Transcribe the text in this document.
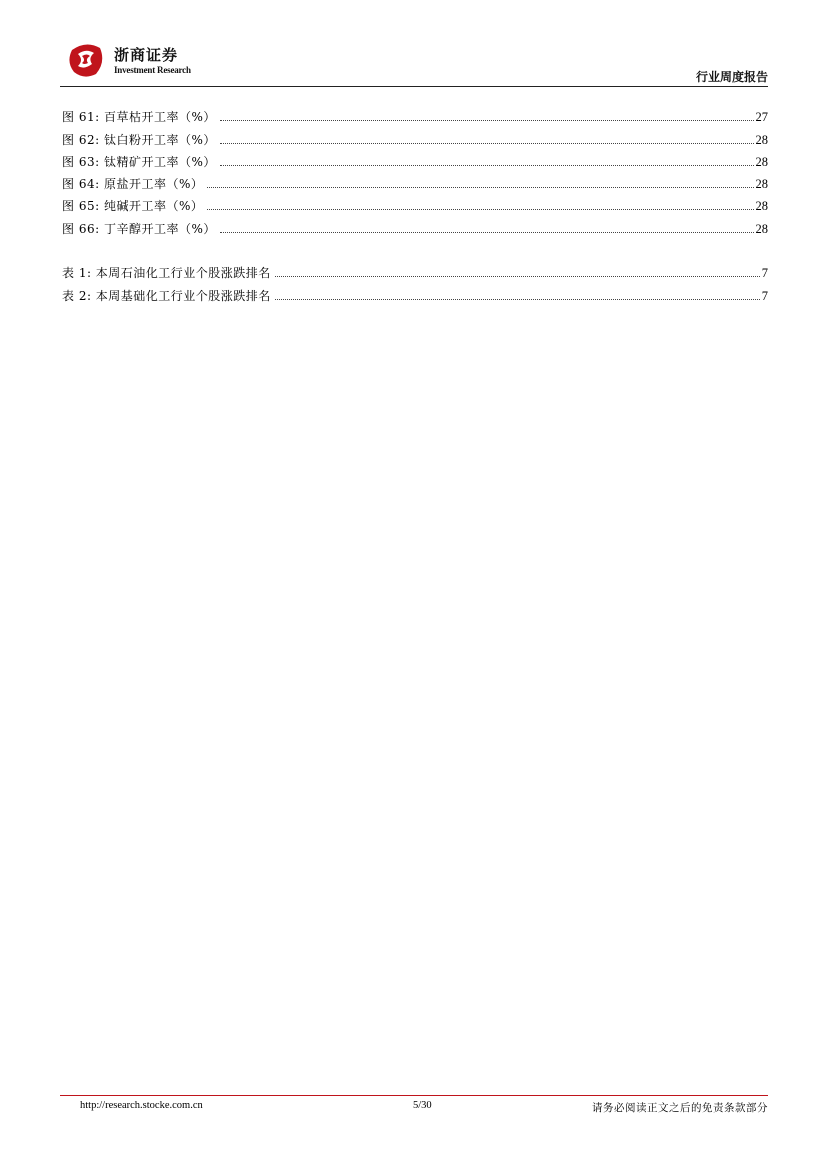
浙商证券
Investment Research	行业周度报告
图 61: 百草枯开工率（%）	27
图 62: 钛白粉开工率（%）	28
图 63: 钛精矿开工率（%）	28
图 64: 原盐开工率（%）	28
图 65: 纯碱开工率（%）	28
图 66: 丁辛醇开工率（%）	28
表 1: 本周石油化工行业个股涨跌排名	7
表 2: 本周基础化工行业个股涨跌排名	7
http://research.stocke.com.cn	5/30	请务必阅读正文之后的免责条款部分
